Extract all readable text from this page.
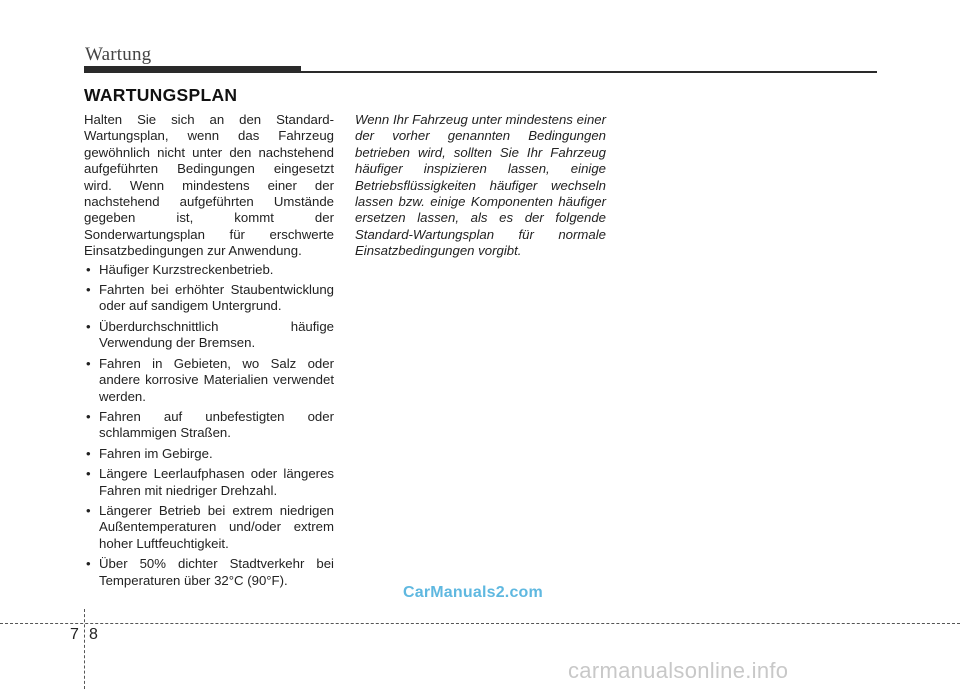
Wartung
WARTUNGSPLAN

Halten Sie sich an den Standard-Wartungsplan, wenn das Fahrzeug gewöhnlich nicht unter den nachstehend aufgeführten Bedingungen eingesetzt wird. Wenn mindestens einer der nachstehend aufgeführten Umstände gegeben ist, kommt der Sonderwartungsplan für erschwerte Einsatzbedingungen zur Anwendung.

• Häufiger Kurzstreckenbetrieb.
• Fahrten bei erhöhter Staubentwicklung oder auf sandigem Untergrund.
• Überdurchschnittlich häufige Verwendung der Bremsen.
• Fahren in Gebieten, wo Salz oder andere korrosive Materialien verwendet werden.
• Fahren auf unbefestigten oder schlammigen Straßen.
• Fahren im Gebirge.
• Längere Leerlaufphasen oder längeres Fahren mit niedriger Drehzahl.
• Längerer Betrieb bei extrem niedrigen Außentemperaturen und/oder extrem hoher Luftfeuchtigkeit.
• Über 50% dichter Stadtverkehr bei Temperaturen über 32°C (90°F).

Wenn Ihr Fahrzeug unter mindestens einer der vorher genannten Bedingungen betrieben wird, sollten Sie Ihr Fahrzeug häufiger inspizieren lassen, einige Betriebsflüssigkeiten häufiger wechseln lassen bzw. einige Komponenten häufiger ersetzen lassen, als es der folgende Standard-Wartungsplan für normale Einsatzbedingungen vorgibt.

CarManuals2.com
7 8
carmanualsonline.info
